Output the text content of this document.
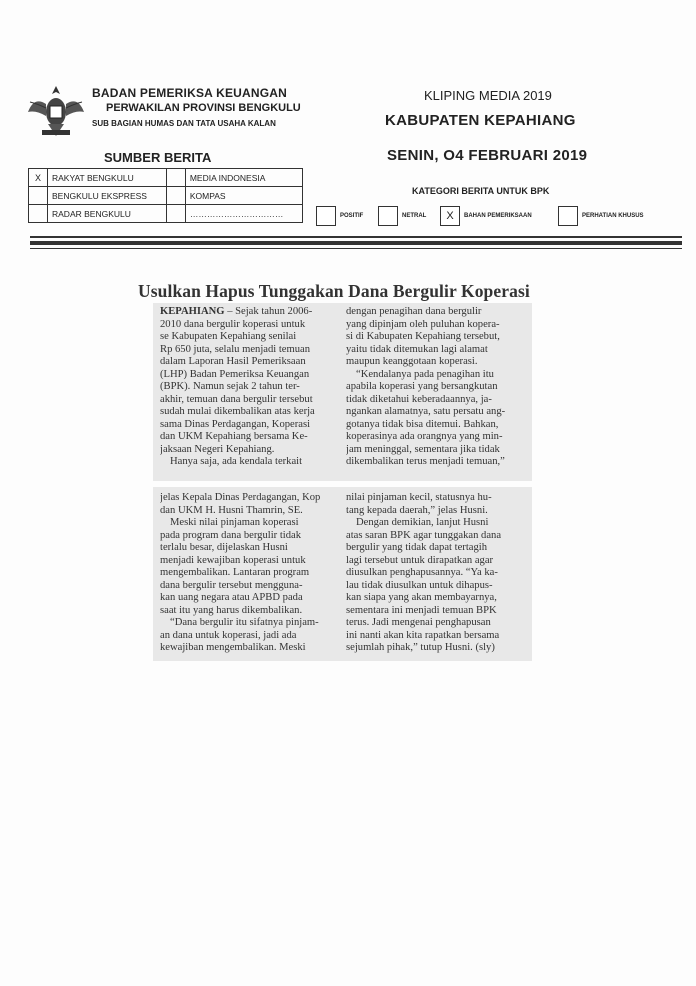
BADAN PEMERIKSA KEUANGAN
PERWAKILAN PROVINSI BENGKULU
SUB BAGIAN HUMAS DAN TATA USAHA KALAN
KLIPING MEDIA 2019
KABUPATEN KEPAHIANG
SENIN, O4 FEBRUARI 2019
SUMBER BERITA
X	RAKYAT BENGKULU		MEDIA INDONESIA
	BENGKULU EKSPRESS		KOMPAS
	RADAR BENGKULU		……………………………
KATEGORI BERITA UNTUK BPK
POSITIF	NETRAL	X	BAHAN PEMERIKSAAN	PERHATIAN KHUSUS
Usulkan Hapus Tunggakan Dana Bergulir Koperasi
KEPAHIANG – Sejak tahun 2006-
2010 dana bergulir koperasi untuk
se Kabupaten Kepahiang senilai
Rp 650 juta, selalu menjadi temuan
dalam Laporan Hasil Pemeriksaan
(LHP) Badan Pemeriksa Keuangan
(BPK). Namun sejak 2 tahun ter-
akhir, temuan dana bergulir tersebut
sudah mulai dikembalikan atas kerja
sama Dinas Perdagangan, Koperasi
dan UKM Kepahiang bersama Ke-
jaksaan Negeri Kepahiang.
Hanya saja, ada kendala terkait
dengan penagihan dana bergulir
yang dipinjam oleh puluhan kopera-
si di Kabupaten Kepahiang tersebut,
yaitu tidak ditemukan lagi alamat
maupun keanggotaan koperasi.
“Kendalanya pada penagihan itu
apabila koperasi yang bersangkutan
tidak diketahui keberadaannya, ja-
ngankan alamatnya, satu persatu ang-
gotanya tidak bisa ditemui. Bahkan,
koperasinya ada orangnya yang min-
jam meninggal, sementara jika tidak
dikembalikan terus menjadi temuan,”
jelas Kepala Dinas Perdagangan, Kop
dan UKM H. Husni Thamrin, SE.
Meski nilai pinjaman koperasi
pada program dana bergulir tidak
terlalu besar, dijelaskan Husni
menjadi kewajiban koperasi untuk
mengembalikan. Lantaran program
dana bergulir tersebut mengguna-
kan uang negara atau APBD pada
saat itu yang harus dikembalikan.
“Dana bergulir itu sifatnya pinjam-
an dana untuk koperasi, jadi ada
kewajiban mengembalikan. Meski
nilai pinjaman kecil, statusnya hu-
tang kepada daerah,” jelas Husni.
Dengan demikian, lanjut Husni
atas saran BPK agar tunggakan dana
bergulir yang tidak dapat tertagih
lagi tersebut untuk dirapatkan agar
diusulkan penghapusannya. “Ya ka-
lau tidak diusulkan untuk dihapus-
kan siapa yang akan membayarnya,
sementara ini menjadi temuan BPK
terus. Jadi mengenai penghapusan
ini nanti akan kita rapatkan bersama
sejumlah pihak,” tutup Husni. (sly)
